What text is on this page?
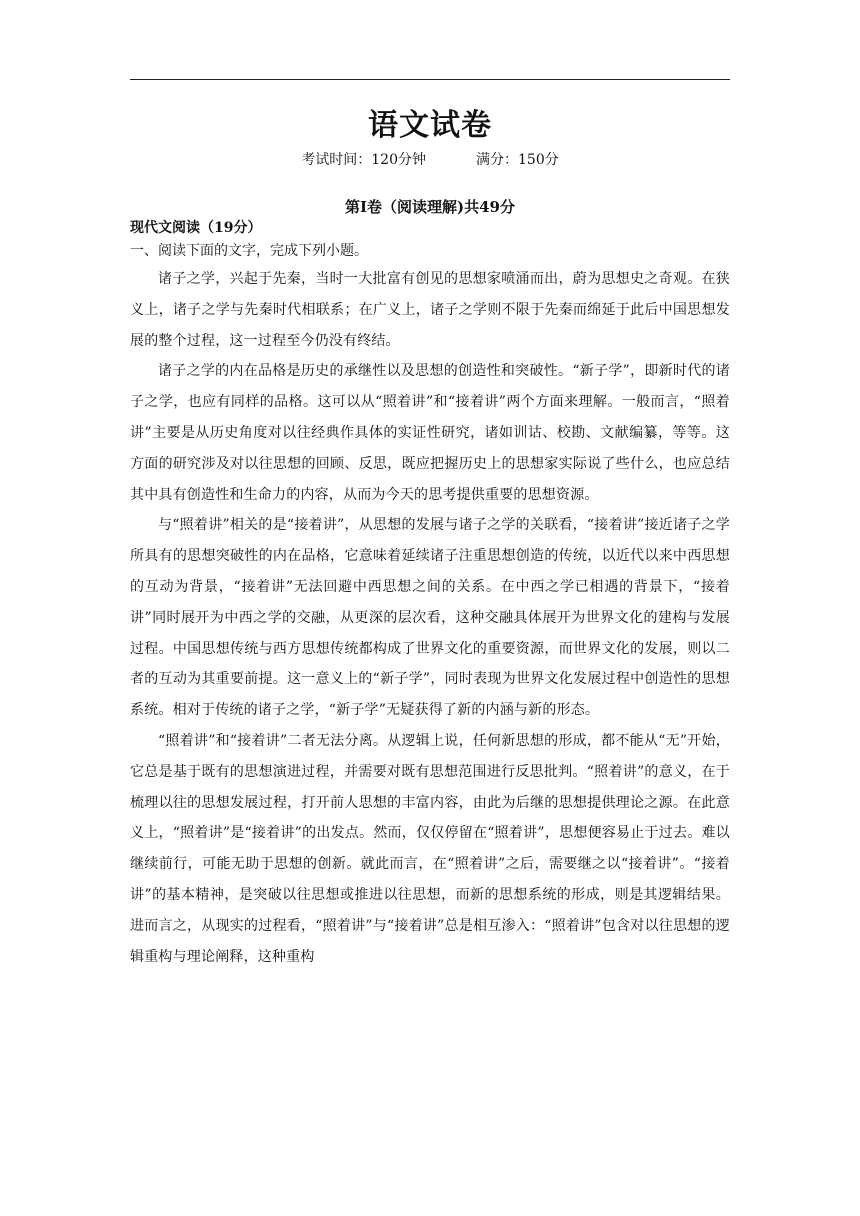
语文试卷
考试时间：120分钟	满分：150分
第Ⅰ卷（阅读理解)共49分
现代文阅读（19分）
一、阅读下面的文字，完成下列小题。

诸子之学，兴起于先秦，当时一大批富有创见的思想家喷涌而出，蔚为思想史之奇观。在狭义上，诸子之学与先秦时代相联系；在广义上，诸子之学则不限于先秦而绵延于此后中国思想发展的整个过程，这一过程至今仍没有终结。

诸子之学的内在品格是历史的承继性以及思想的创造性和突破性。“新子学”，即新时代的诸子之学，也应有同样的品格。这可以从“照着讲”和“接着讲”两个方面来理解。一般而言，“照着讲”主要是从历史角度对以往经典作具体的实证性研究，诸如训诂、校勘、文献编纂，等等。这方面的研究涉及对以往思想的回顾、反思，既应把握历史上的思想家实际说了些什么，也应总结其中具有创造性和生命力的内容，从而为今天的思考提供重要的思想资源。

与“照着讲”相关的是“接着讲”，从思想的发展与诸子之学的关联看，“接着讲”接近诸子之学所具有的思想突破性的内在品格，它意味着延续诸子注重思想创造的传统，以近代以来中西思想的互动为背景，“接着讲”无法回避中西思想之间的关系。在中西之学已相遇的背景下，“接着讲”同时展开为中西之学的交融，从更深的层次看，这种交融具体展开为世界文化的建构与发展过程。中国思想传统与西方思想传统都构成了世界文化的重要资源，而世界文化的发展，则以二者的互动为其重要前提。这一意义上的“新子学”，同时表现为世界文化发展过程中创造性的思想系统。相对于传统的诸子之学，“新子学”无疑获得了新的内涵与新的形态。

“照着讲”和“接着讲”二者无法分离。从逻辑上说，任何新思想的形成，都不能从“无”开始，它总是基于既有的思想演进过程，并需要对既有思想范围进行反思批判。“照着讲”的意义，在于梳理以往的思想发展过程，打开前人思想的丰富内容，由此为后继的思想提供理论之源。在此意义上，“照着讲”是“接着讲”的出发点。然而，仅仅停留在“照着讲”，思想便容易止于过去。难以继续前行，可能无助于思想的创新。就此而言，在“照着讲”之后，需要继之以“接着讲”。“接着讲”的基本精神，是突破以往思想或推进以往思想，而新的思想系统的形成，则是其逻辑结果。进而言之，从现实的过程看，“照着讲”与“接着讲”总是相互渗入：“照着讲”包含对以往思想的逻辑重构与理论阐释，这种重构
